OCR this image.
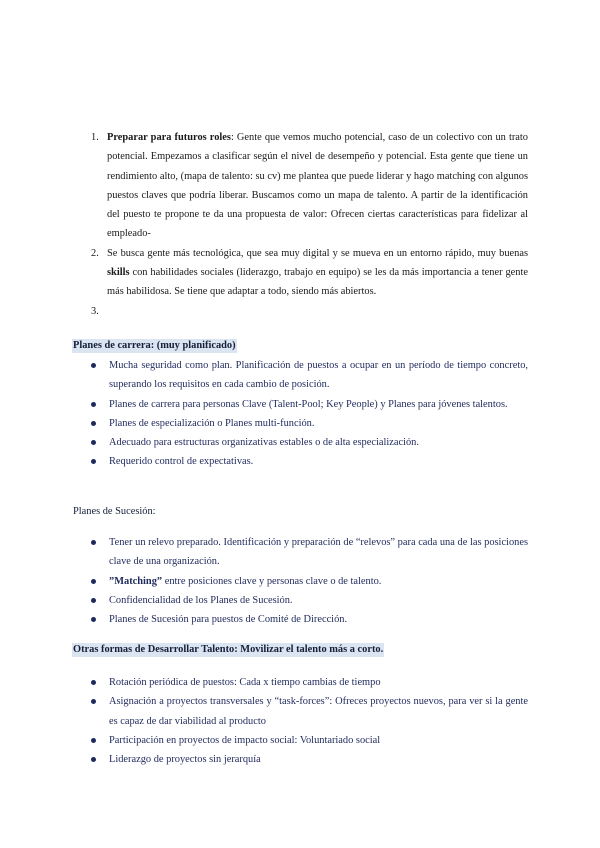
1. Preparar para futuros roles: Gente que vemos mucho potencial, caso de un colectivo con un trato potencial. Empezamos a clasificar según el nivel de desempeño y potencial. Esta gente que tiene un rendimiento alto, (mapa de talento: su cv) me plantea que puede liderar y hago matching con algunos puestos claves que podría liberar. Buscamos como un mapa de talento. A partir de la identificación del puesto te propone te da una propuesta de valor: Ofrecen ciertas características para fidelizar al empleado-
2. Se busca gente más tecnológica, que sea muy digital y se mueva en un entorno rápido, muy buenas skills con habilidades sociales (liderazgo, trabajo en equipo) se les da más importancia a tener gente más habilidosa. Se tiene que adaptar a todo, siendo más abiertos.
3.

Planes de carrera: (muy planificado)
Mucha seguridad como plan. Planificación de puestos a ocupar en un período de tiempo concreto, superando los requisitos en cada cambio de posición.
Planes de carrera para personas Clave (Talent-Pool; Key People) y Planes para jóvenes talentos.
Planes de especialización o Planes multi-función.
Adecuado para estructuras organizativas estables o de alta especialización.
Requerido control de expectativas.
Planes de Sucesión:
Tener un relevo preparado. Identificación y preparación de “relevos” para cada una de las posiciones clave de una organización.
”Matching” entre posiciones clave y personas clave o de talento.
Confidencialidad de los Planes de Sucesión.
Planes de Sucesión para puestos de Comité de Dirección.
Otras formas de Desarrollar Talento: Movilizar el talento más a corto.
Rotación periódica de puestos: Cada x tiempo cambias de tiempo
Asignación a proyectos transversales y “task-forces”: Ofreces proyectos nuevos, para ver si la gente es capaz de dar viabilidad al producto
Participación en proyectos de impacto social: Voluntariado social
Liderazgo de proyectos sin jerarquía
